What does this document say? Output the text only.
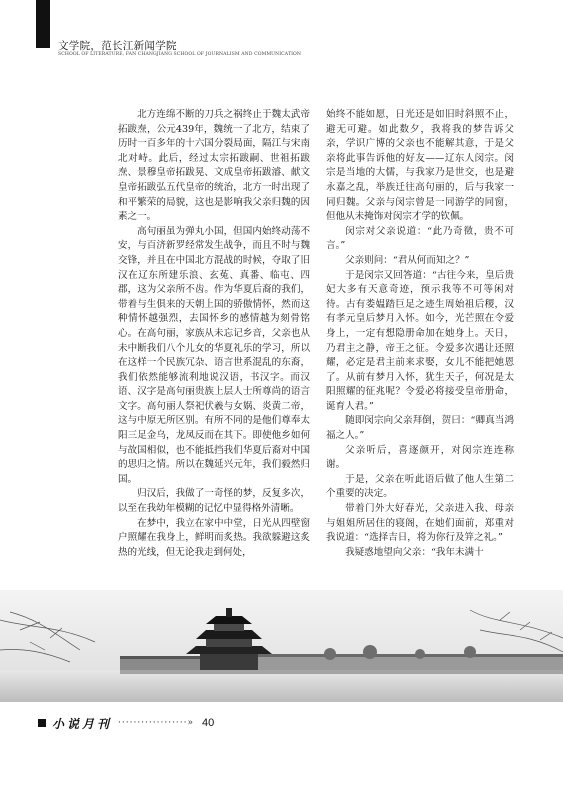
文学院，范长江新闻学院
SCHOOL OF LITERATURE, FAN CHANGJIANG SCHOOL OF JOURNALISM AND COMMUNICATION

北方连绵不断的刀兵之祸终止于魏太武帝拓跋焘，公元439年，魏统一了北方，结束了历时一百多年的十六国分裂局面，隔江与宋南北对峙。此后，经过太宗拓跋嗣、世祖拓跋焘、景穆皇帝拓跋晃、文成皇帝拓跋濬、献文皇帝拓跋弘五代皇帝的统治，北方一时出现了和平繁荣的局貌，这也是影响我父亲归魏的因素之一。

高句丽虽为弹丸小国，但国内始终动荡不安，与百济新罗经常发生战争，而且不时与魏交锋，并且在中国北方混战的时候，夺取了旧汉在辽东所建乐浪、玄菟、真番、临屯、四郡，这为父亲所不齿。作为华夏后裔的我们，带着与生俱来的天朝上国的骄傲情怀，然而这种情怀越强烈，去国怀乡的感情越为刻骨铭心。在高句丽，家族从未忘记乡音，父亲也从未中断我们八个儿女的华夏礼乐的学习，所以在这样一个民族冗杂、语言世系混乱的东裔，我们依然能够流利地说汉语，书汉字。而汉语、汉字是高句丽贵族上层人士所尊尚的语言文字。高句丽人祭祀伏羲与女娲、炎黄二帝，这与中原无所区别。有所不同的是他们尊奉太阳三足金乌，龙凤反而在其下。即使他乡如何与故国相似，也不能抵挡我们华夏后裔对中国的思归之情。所以在魏延兴元年，我们毅然归国。

归汉后，我做了一奇怪的梦，反复多次，以至在我幼年模糊的记忆中显得格外清晰。

在梦中，我立在家中中堂，日光从四壁窗户照耀在我身上，鲜明而炙热。我欲躲避这炙热的光线，但无论我走到何处，

始终不能如愿，日光还是如旧时斜照不止，避无可避。如此数夕，我将我的梦告诉父亲，学识广博的父亲也不能解其意，于是父亲将此事告诉他的好友——辽东人闵宗。闵宗是当地的大儒，与我家乃是世交，也是避永嘉之乱，举族迁往高句丽的，后与我家一同归魏。父亲与闵宗曾是一同游学的同窗，但他从未掩饰对闵宗才学的钦佩。

闵宗对父亲说道：“此乃奇徵，贵不可言。”

父亲则问：“君从何而知之？”

于是闵宗又回答道：“古往今来，皇后贵妃大多有天意奇迹，预示我等不可等闲对待。古有娄媪踏巨足之迹生周始祖后稷，汉有孝元皇后梦月入怀。如今，光芒照在令爱身上，一定有想隐册命加在她身上。天日，乃君主之静，帝王之征。令爱多次遇让还照耀，必定是君主前来求娶，女儿不能把她恩了。从前有梦月入怀，犹生天子，何况是太阳照耀的征兆呢？令爱必将接受皇帝册命，诞育人君。”

随即闵宗向父亲拜倒，贺曰：“卿真当鸿福之人。”

父亲听后，喜逐颜开，对闵宗连连称谢。

于是，父亲在听此语后做了他人生第二个重要的决定。

带着门外大好春光，父亲进入我、母亲与姐姐所居住的寝阁，在她们面前，郑重对我说道：“选择吉日，将为你行及笄之礼。”

我疑惑地望向父亲：“我年未满十

小说月刊 ··················» 40
